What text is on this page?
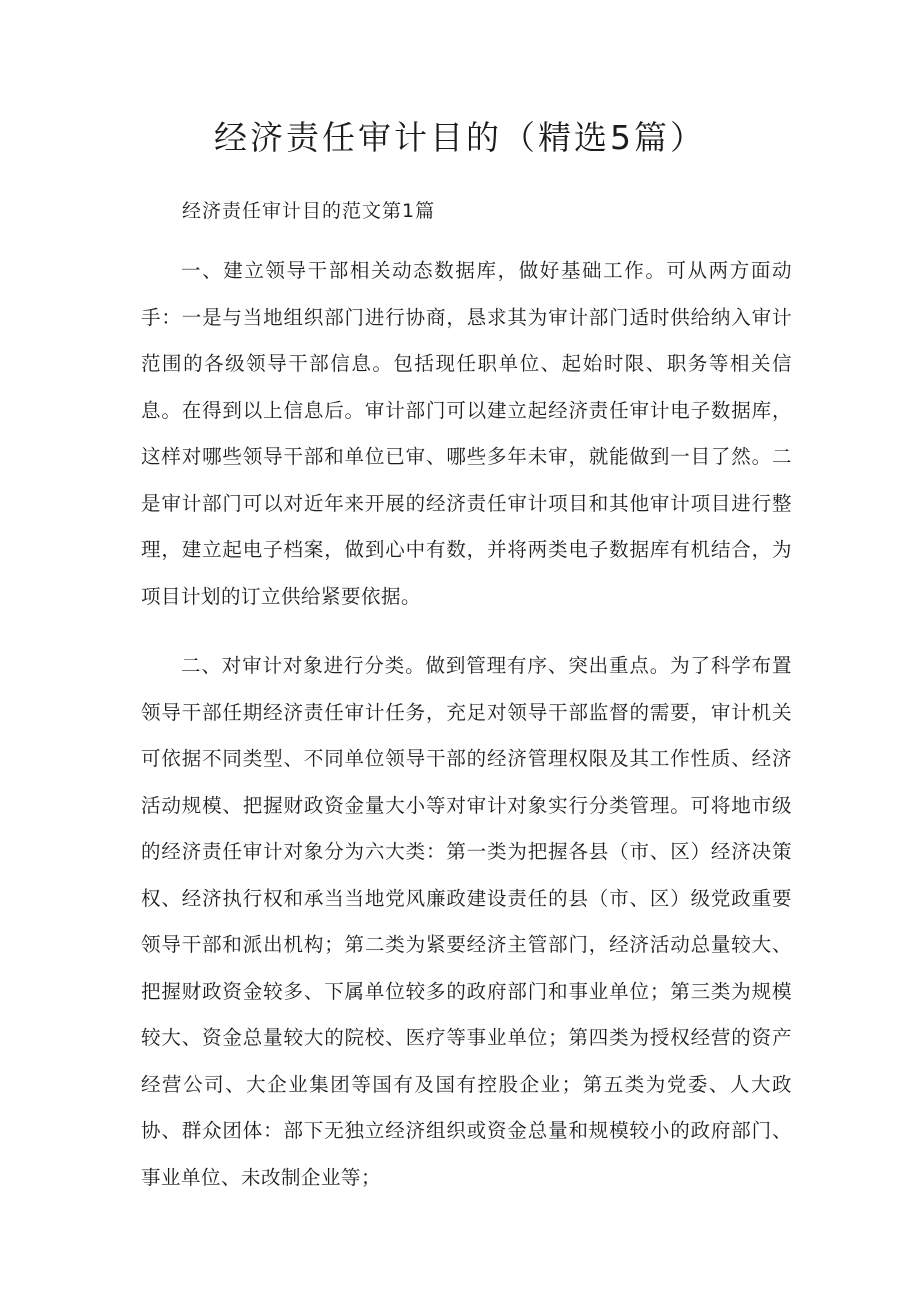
经济责任审计目的（精选5篇）

经济责任审计目的范文第1篇

一、建立领导干部相关动态数据库，做好基础工作。可从两方面动手：一是与当地组织部门进行协商，恳求其为审计部门适时供给纳入审计范围的各级领导干部信息。包括现任职单位、起始时限、职务等相关信息。在得到以上信息后。审计部门可以建立起经济责任审计电子数据库，这样对哪些领导干部和单位已审、哪些多年未审，就能做到一目了然。二是审计部门可以对近年来开展的经济责任审计项目和其他审计项目进行整理，建立起电子档案，做到心中有数，并将两类电子数据库有机结合，为项目计划的订立供给紧要依据。

二、对审计对象进行分类。做到管理有序、突出重点。为了科学布置领导干部任期经济责任审计任务，充足对领导干部监督的需要，审计机关可依据不同类型、不同单位领导干部的经济管理权限及其工作性质、经济活动规模、把握财政资金量大小等对审计对象实行分类管理。可将地市级的经济责任审计对象分为六大类：第一类为把握各县（市、区）经济决策权、经济执行权和承当当地党风廉政建设责任的县（市、区）级党政重要领导干部和派出机构；第二类为紧要经济主管部门，经济活动总量较大、把握财政资金较多、下属单位较多的政府部门和事业单位；第三类为规模较大、资金总量较大的院校、医疗等事业单位；第四类为授权经营的资产经营公司、大企业集团等国有及国有控股企业；第五类为党委、人大政协、群众团体：部下无独立经济组织或资金总量和规模较小的政府部门、事业单位、未改制企业等；
